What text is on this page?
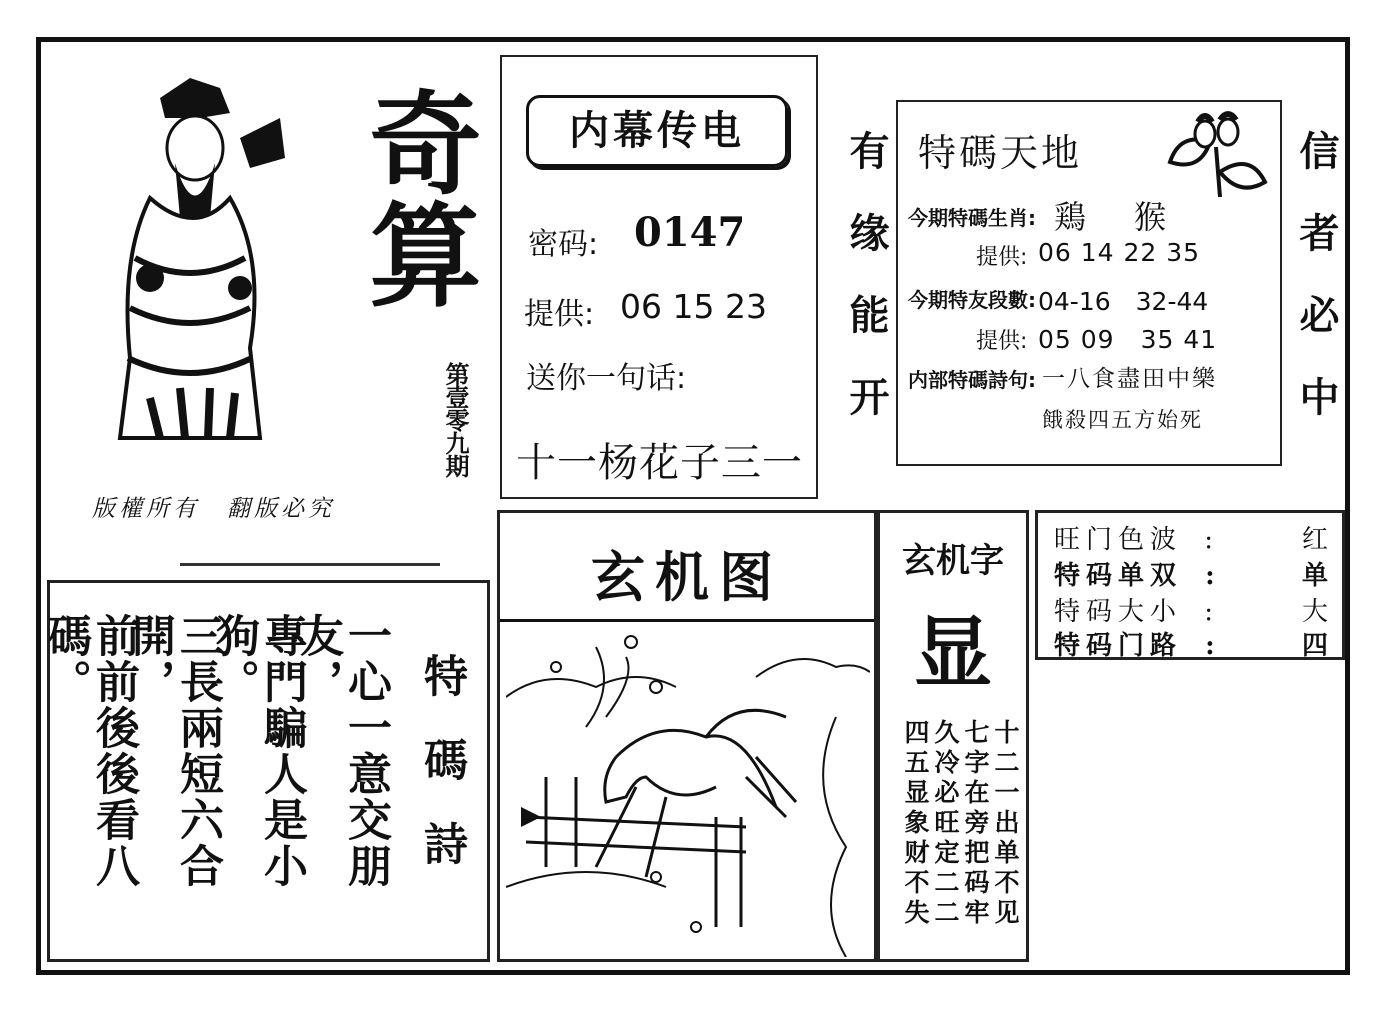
奇算
第壹零九期
版權所有　翻版必究
特碼詩
一心一意交朋友，
專門騙人是小狗。
三長兩短六合開，
前前後後看八碼。
内幕传电
密码: 0147
提供: 06 15 23
送你一句话:
十一杨花子三一
有缘能开 特碼天地
今期特碼生肖: 鶏　猴
提供: 06 14 22 35
今期特友段數: 04-16　32-44
提供: 05 09　35 41
内部特碼詩句: 一八食盡田中樂
餓殺四五方始死 信者必中
玄机图	玄机字
显
十二一出单不见
七字在旁把码牢
久冷必旺定二二
四五显象财不失
旺门色波 :	红
特码单双 :	单
特码大小 :	大
特码门路 :	四
